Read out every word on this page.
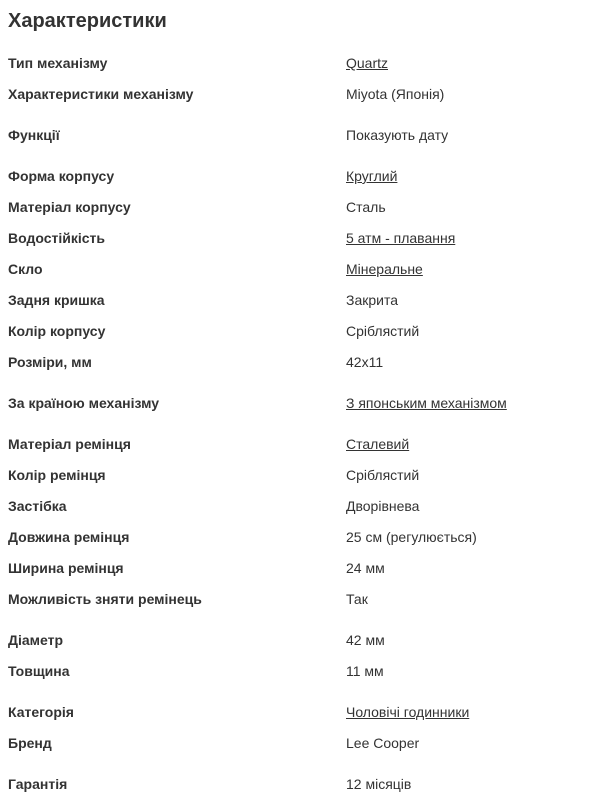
Характеристики
Тип механізму	Quartz
Характеристики механізму	Miyota (Японія)
Функції	Показують дату
Форма корпусу	Круглий
Матеріал корпусу	Сталь
Водостійкість	5 атм - плавання
Скло	Мінеральне
Задня кришка	Закрита
Колір корпусу	Сріблястий
Розміри, мм	42x11
За країною механізму	З японським механізмом
Матеріал ремінця	Сталевий
Колір ремінця	Сріблястий
Застібка	Дворівнева
Довжина ремінця	25 см (регулюється)
Ширина ремінця	24 мм
Можливість зняти ремінець	Так
Діаметр	42 мм
Товщина	11 мм
Категорія	Чоловічі годинники
Бренд	Lee Cooper
Гарантія	12 місяців
